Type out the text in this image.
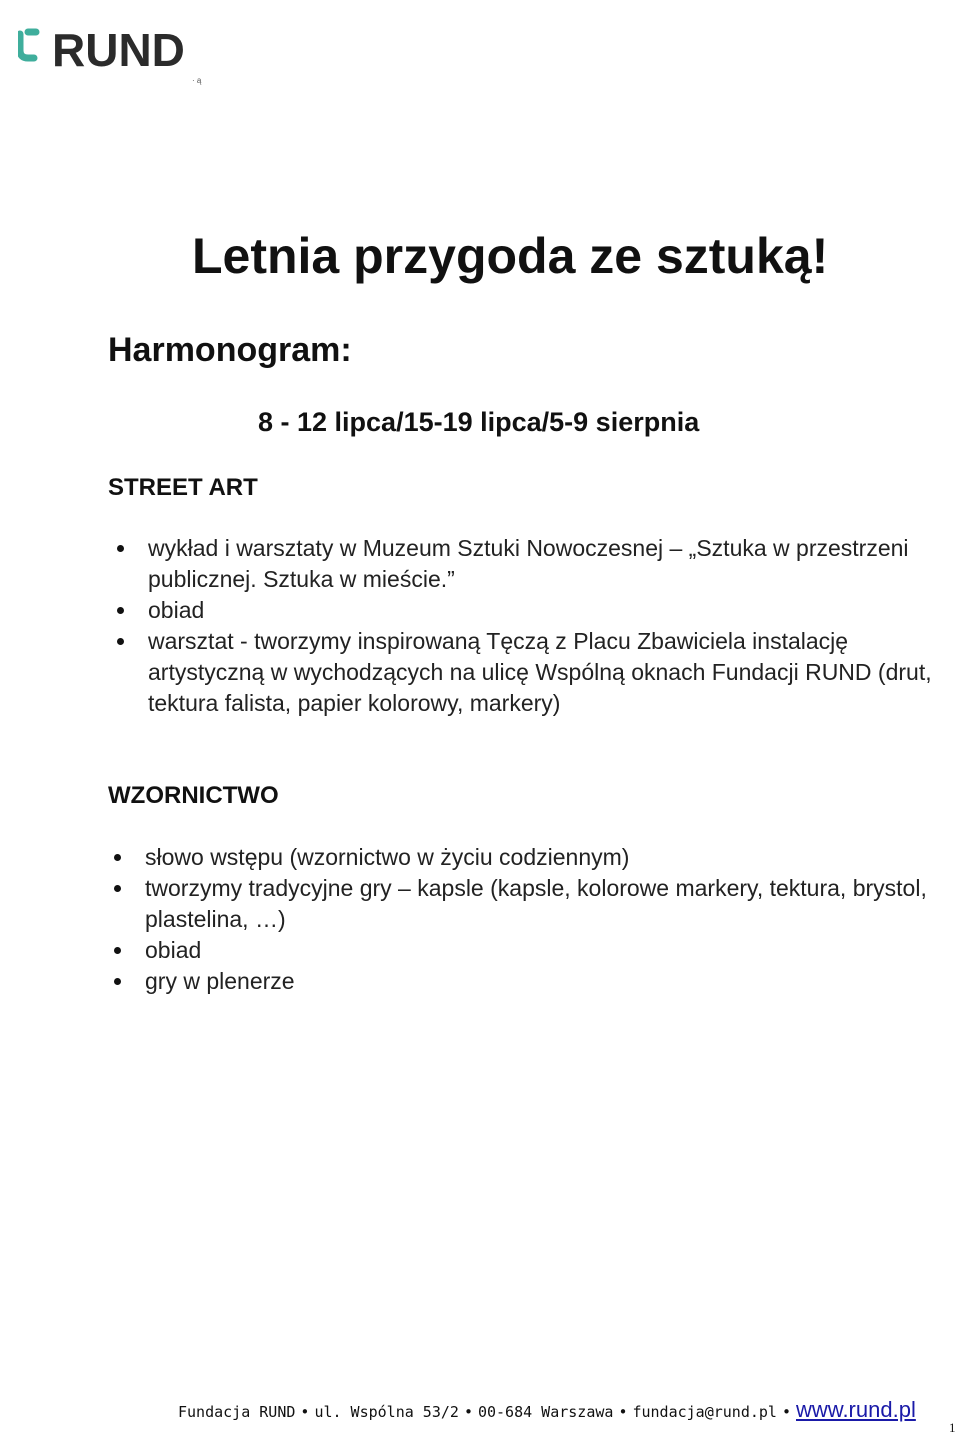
RUND
· ą
Letnia przygoda ze sztuką!
Harmonogram:
8 - 12 lipca/15-19 lipca/5-9 sierpnia
STREET ART
wykład i warsztaty w Muzeum Sztuki Nowoczesnej – „Sztuka w przestrzeni publicznej. Sztuka w mieście.”
obiad
warsztat - tworzymy inspirowaną Tęczą z Placu Zbawiciela instalację artystyczną w wychodzących na ulicę Wspólną oknach Fundacji RUND (drut, tektura falista, papier kolorowy, markery)
WZORNICTWO
słowo wstępu (wzornictwo w życiu codziennym)
tworzymy tradycyjne gry – kapsle (kapsle, kolorowe markery, tektura, brystol, plastelina, …)
obiad
gry w plenerze
Fundacja RUND • ul. Wspólna 53/2 • 00-684 Warszawa • fundacja@rund.pl • www.rund.pl
1
